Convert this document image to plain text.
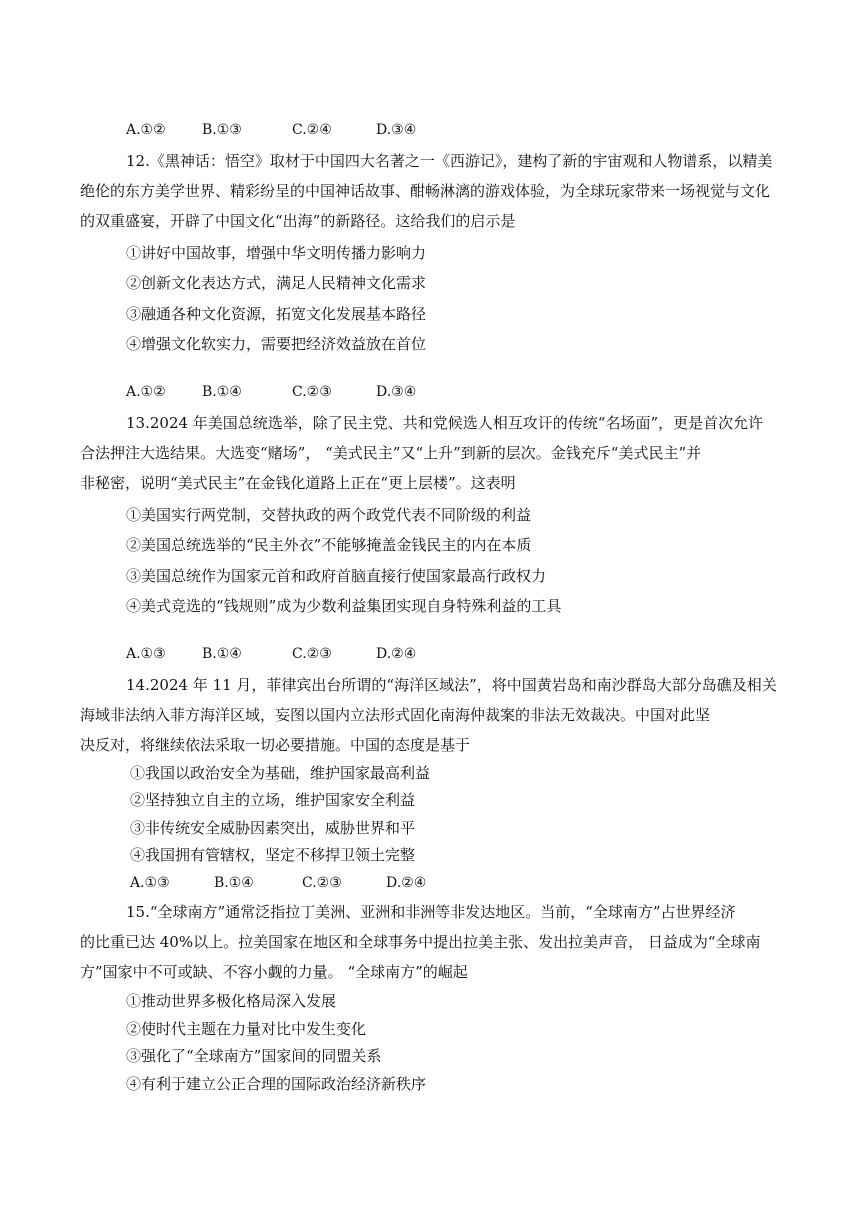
A.①②	B.①③	C.②④	D.③④
12.《黑神话：悟空》取材于中国四大名著之一《西游记》，建构了新的宇宙观和人物谱系，以精美
绝伦的东方美学世界、精彩纷呈的中国神话故事、酣畅淋漓的游戏体验，为全球玩家带来一场视觉与文化
的双重盛宴，开辟了中国文化“出海”的新路径。这给我们的启示是
①讲好中国故事，增强中华文明传播力影响力
②创新文化表达方式，满足人民精神文化需求
③融通各种文化资源，拓宽文化发展基本路径
④增强文化软实力，需要把经济效益放在首位
A.①②	B.①④	C.②③	D.③④
13.2024 年美国总统选举，除了民主党、共和党候选人相互攻讦的传统“名场面”，更是首次允许
合法押注大选结果。大选变“赌场”， “美式民主”又“上升”到新的层次。金钱充斥“美式民主”并
非秘密，说明“美式民主”在金钱化道路上正在“更上层楼”。这表明
①美国实行两党制，交替执政的两个政党代表不同阶级的利益
②美国总统选举的“民主外衣”不能够掩盖金钱民主的内在本质
③美国总统作为国家元首和政府首脑直接行使国家最高行政权力
④美式竞选的“钱规则”成为少数利益集团实现自身特殊利益的工具
A.①③	B.①④	C.②③	D.②④
14.2024 年 11 月，菲律宾出台所谓的“海洋区域法”，将中国黄岩岛和南沙群岛大部分岛礁及相关
海域非法纳入菲方海洋区域，妄图以国内立法形式固化南海仲裁案的非法无效裁决。中国对此坚
决反对，将继续依法采取一切必要措施。中国的态度是基于
①我国以政治安全为基础，维护国家最高利益
②坚持独立自主的立场，维护国家安全利益
③非传统安全威胁因素突出，威胁世界和平
④我国拥有管辖权，坚定不移捍卫领土完整
A.①③	B.①④	C.②③	D.②④
15.“全球南方”通常泛指拉丁美洲、亚洲和非洲等非发达地区。当前，“全球南方”占世界经济
的比重已达 40%以上。拉美国家在地区和全球事务中提出拉美主张、发出拉美声音， 日益成为“全球南
方”国家中不可或缺、不容小觑的力量。 “全球南方”的崛起
①推动世界多极化格局深入发展
②使时代主题在力量对比中发生变化
③强化了“全球南方”国家间的同盟关系
④有利于建立公正合理的国际政治经济新秩序
